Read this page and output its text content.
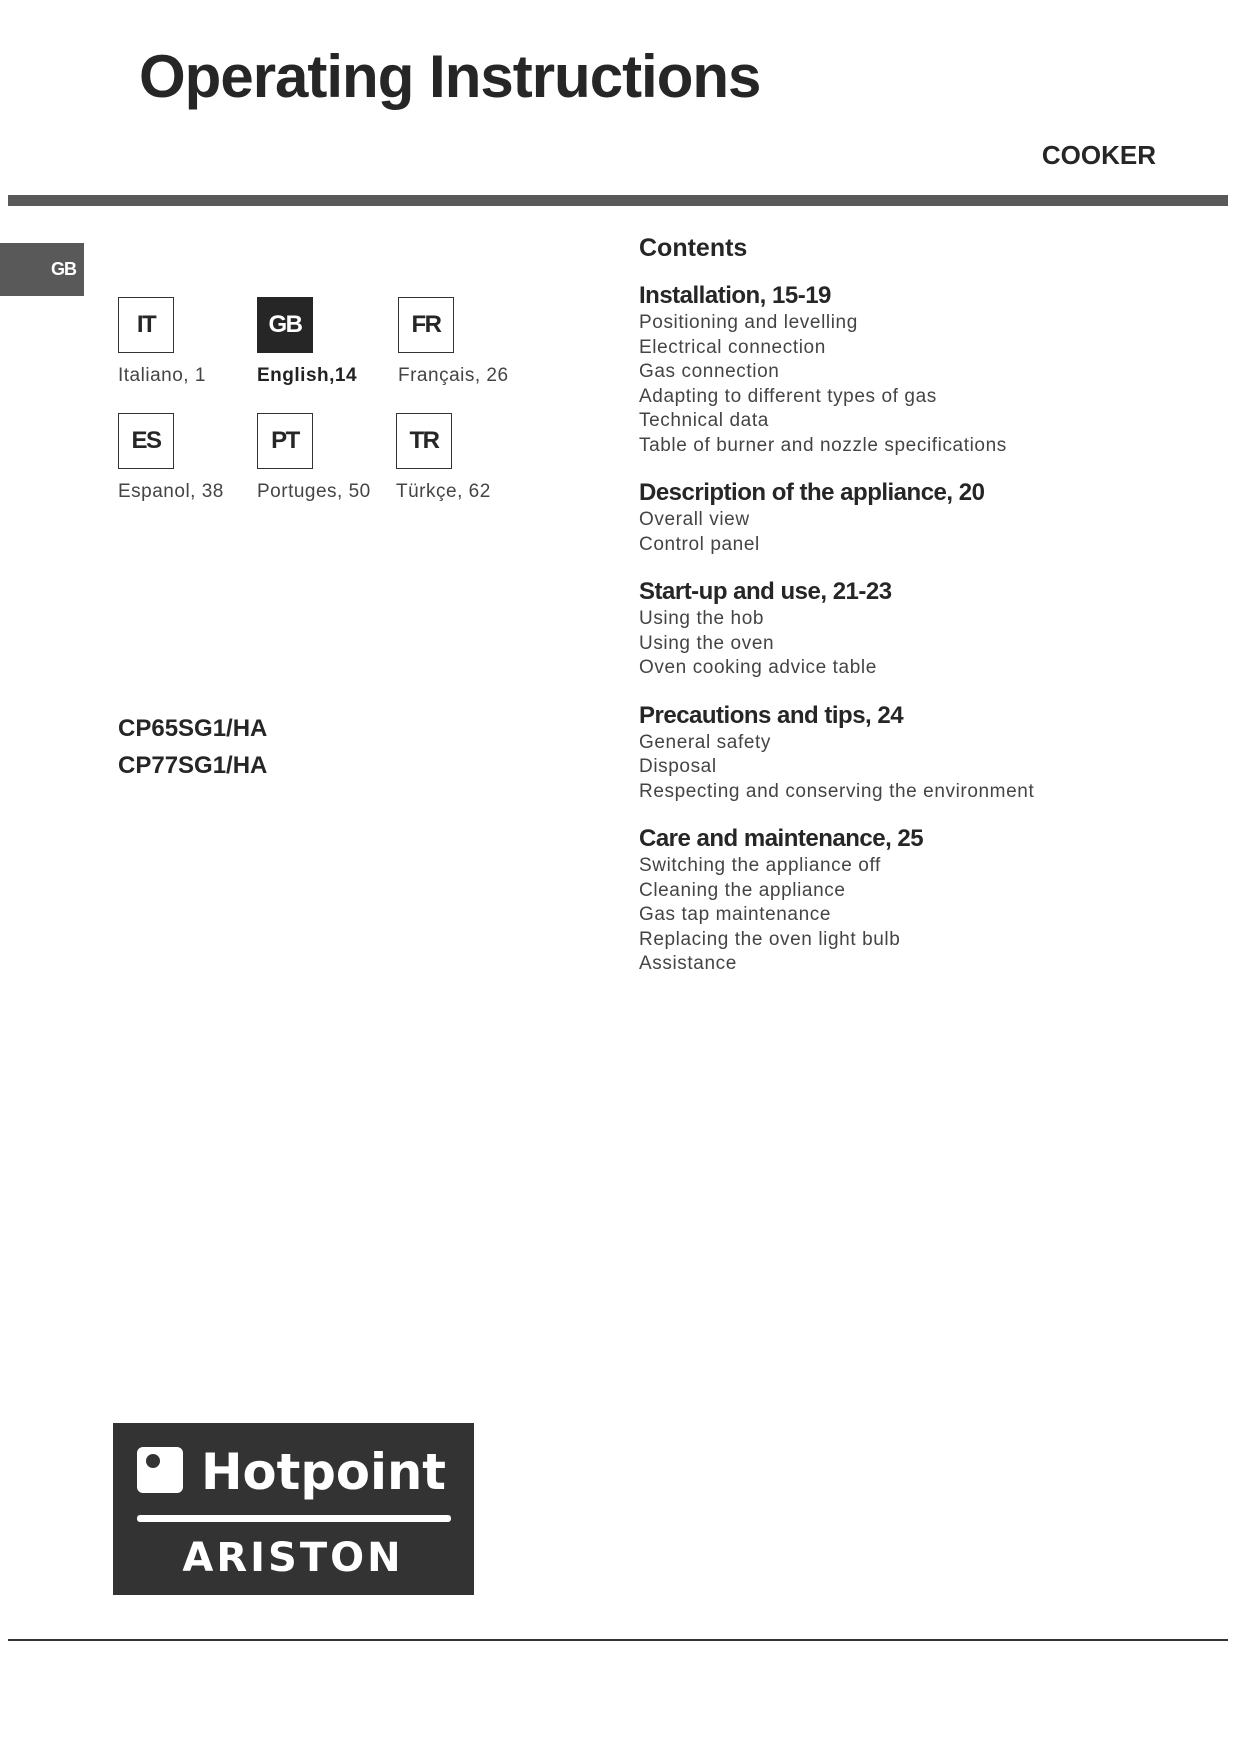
Operating Instructions
COOKER
GB
IT
Italiano, 1
GB
English,14
FR
Français, 26
ES
Espanol, 38
PT
Portuges, 50
TR
Türkçe, 62
CP65SG1/HA
CP77SG1/HA
Contents
Installation, 15-19
Positioning and levelling
Electrical connection
Gas connection
Adapting to different types of gas
Technical data
Table of burner and nozzle specifications
Description of the appliance, 20
Overall view
Control panel
Start-up and use, 21-23
Using the hob
Using the oven
Oven cooking advice table
Precautions and tips, 24
General safety
Disposal
Respecting and conserving the environment
Care and maintenance, 25
Switching the appliance off
Cleaning the appliance
Gas tap maintenance
Replacing the oven light bulb
Assistance
Hotpoint
ARISTON
